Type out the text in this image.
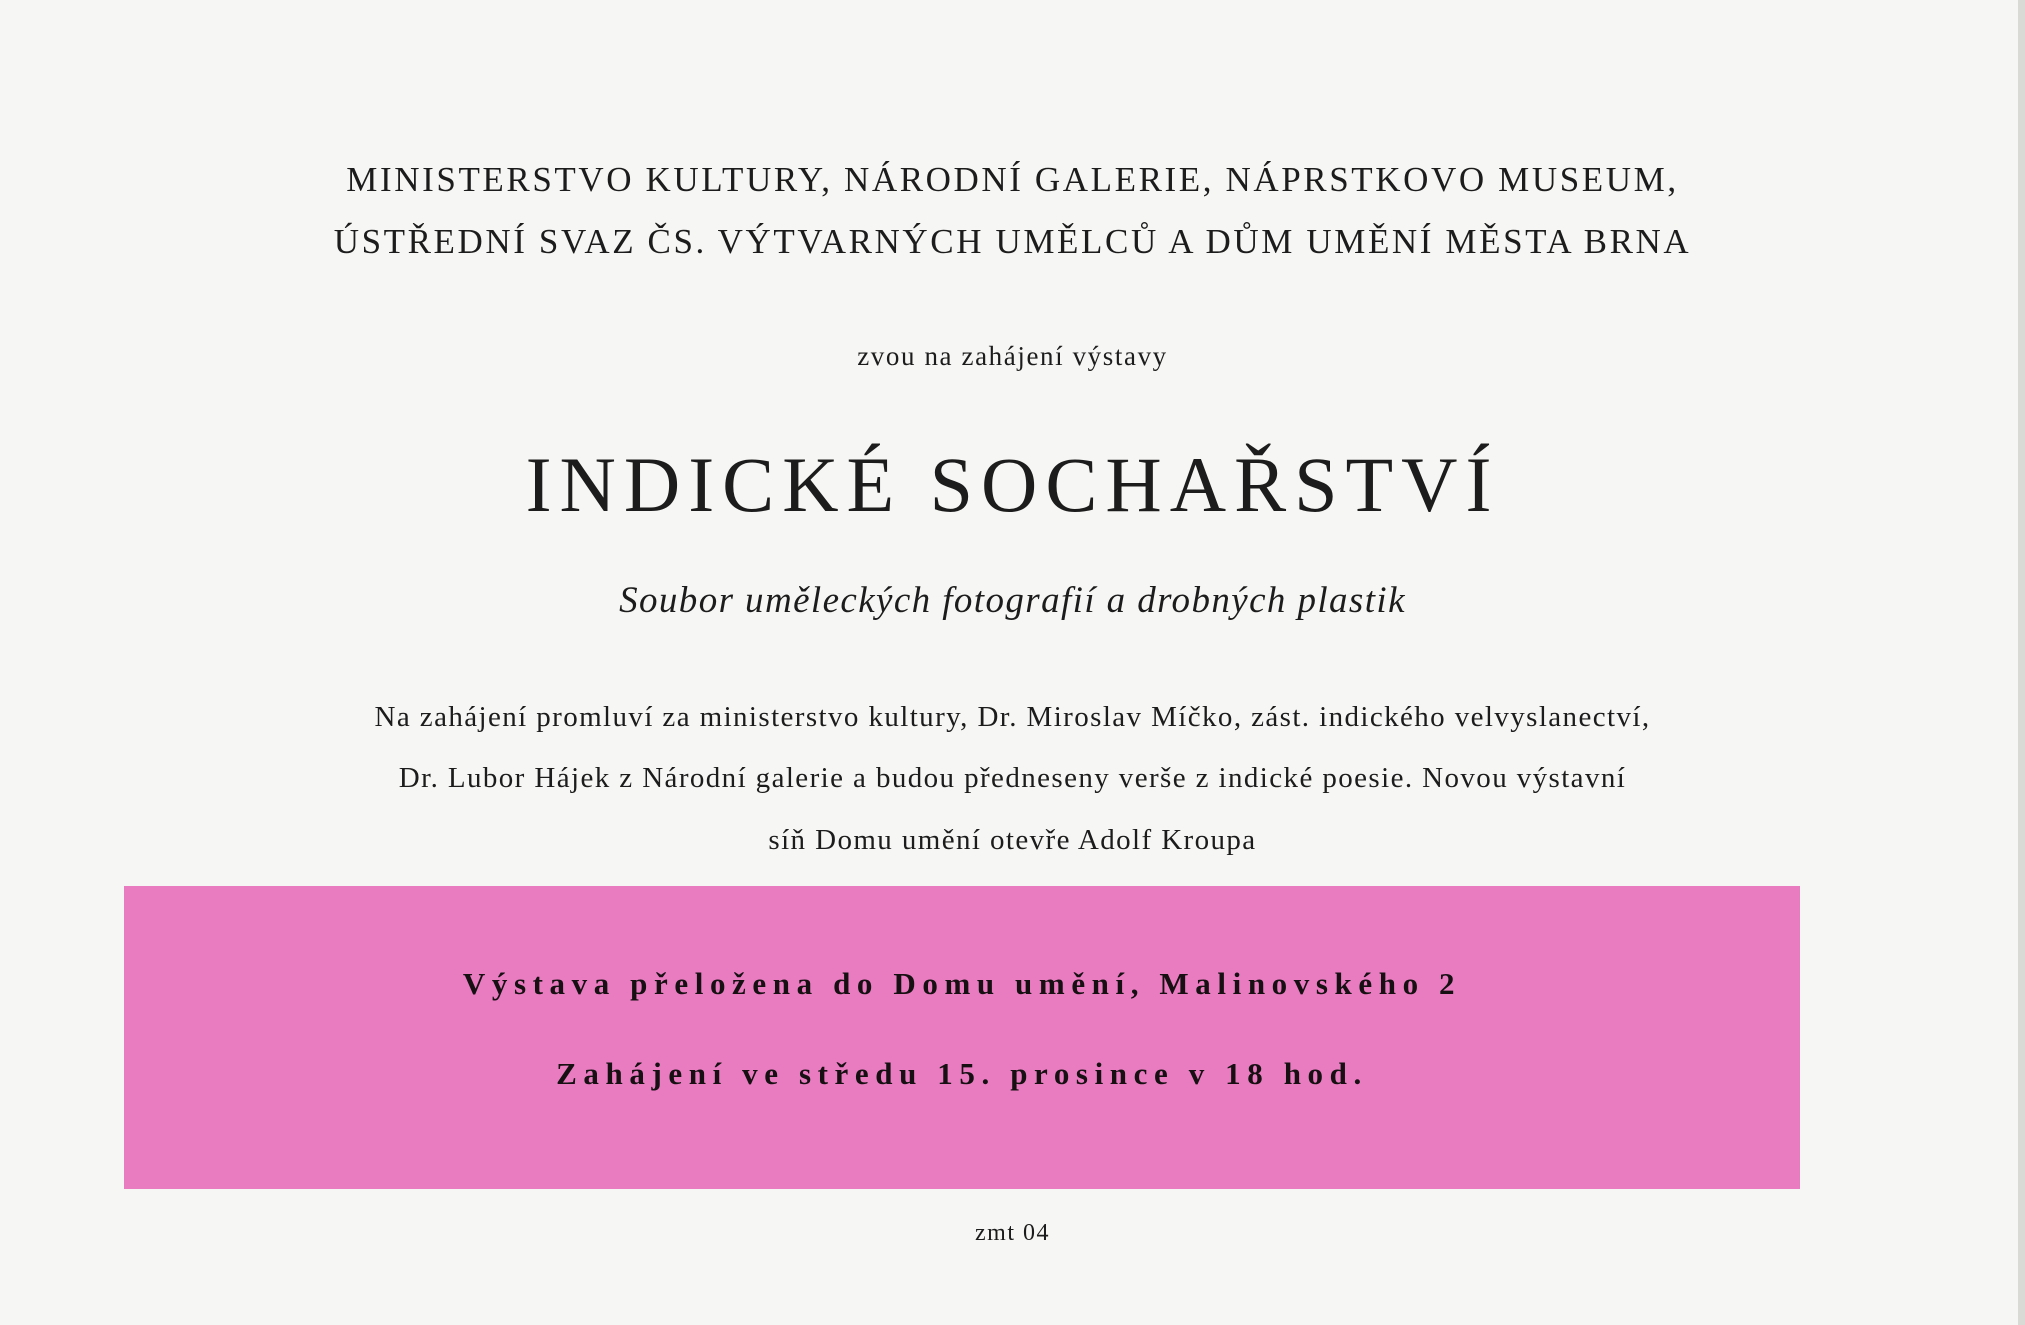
MINISTERSTVO KULTURY, NÁRODNÍ GALERIE, NÁPRSTKOVO MUSEUM,
ÚSTŘEDNÍ SVAZ ČS. VÝTVARNÝCH UMĚLCŮ A DŮM UMĚNÍ MĚSTA BRNA
zvou na zahájení výstavy
INDICKÉ SOCHAŘSTVÍ
Soubor uměleckých fotografií a drobných plastik
Na zahájení promluví za ministerstvo kultury, Dr. Miroslav Míčko, zást. indického velvyslanectví,
Dr. Lubor Hájek z Národní galerie a budou předneseny verše z indické poesie. Novou výstavní
síň Domu umění otevře Adolf Kroupa
Výstava přeložena do Domu umění, Malinovského 2
Zahájení ve středu 15. prosince v 18 hod.
zmt 04
